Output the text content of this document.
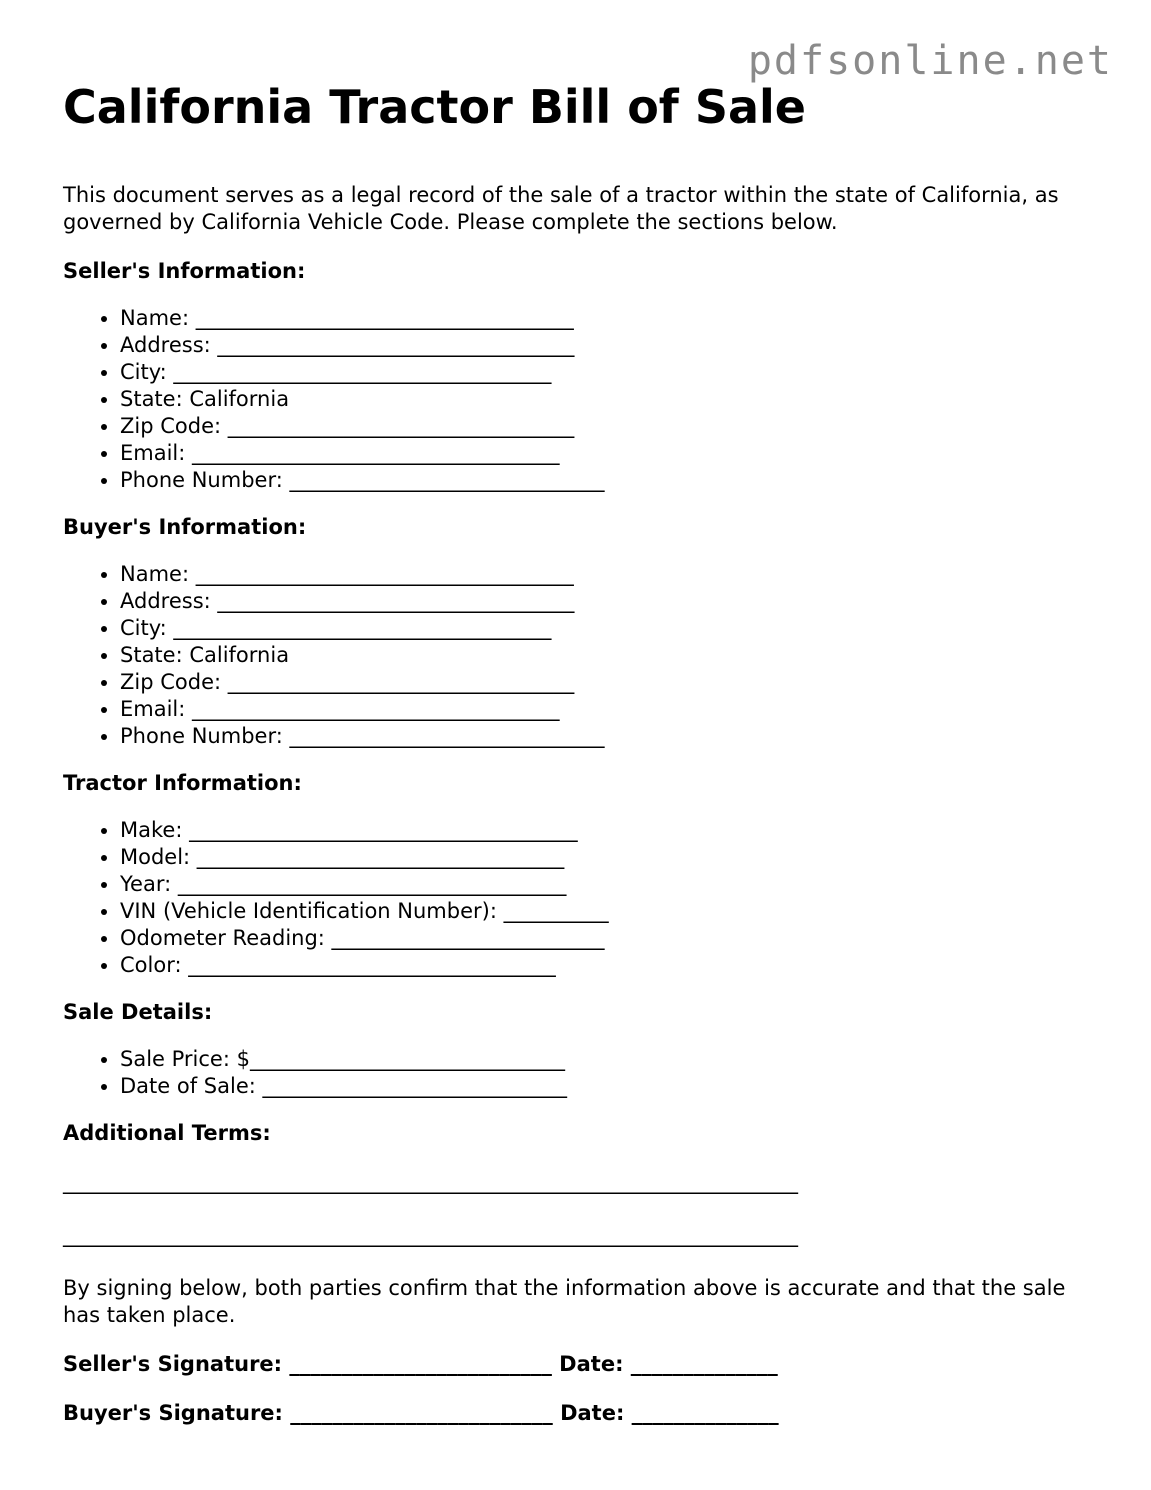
pdfsonline.net
California Tractor Bill of Sale

This document serves as a legal record of the sale of a tractor within the state of California, as governed by California Vehicle Code. Please complete the sections below.

Seller's Information:
• Name: ____________________________________
• Address: __________________________________
• City: ____________________________________
• State: California
• Zip Code: _________________________________
• Email: ___________________________________
• Phone Number: ______________________________
Buyer's Information:
• Name: ____________________________________
• Address: __________________________________
• City: ____________________________________
• State: California
• Zip Code: _________________________________
• Email: ___________________________________
• Phone Number: ______________________________
Tractor Information:
• Make: _____________________________________
• Model: ___________________________________
• Year: _____________________________________
• VIN (Vehicle Identification Number): __________
• Odometer Reading: __________________________
• Color: ___________________________________
Sale Details:
• Sale Price: $______________________________
• Date of Sale: _____________________________
Additional Terms:
______________________________________________________________________
______________________________________________________________________

By signing below, both parties confirm that the information above is accurate and that the sale has taken place.

Seller's Signature: _________________________ Date: ______________
Buyer's Signature: _________________________ Date: ______________
